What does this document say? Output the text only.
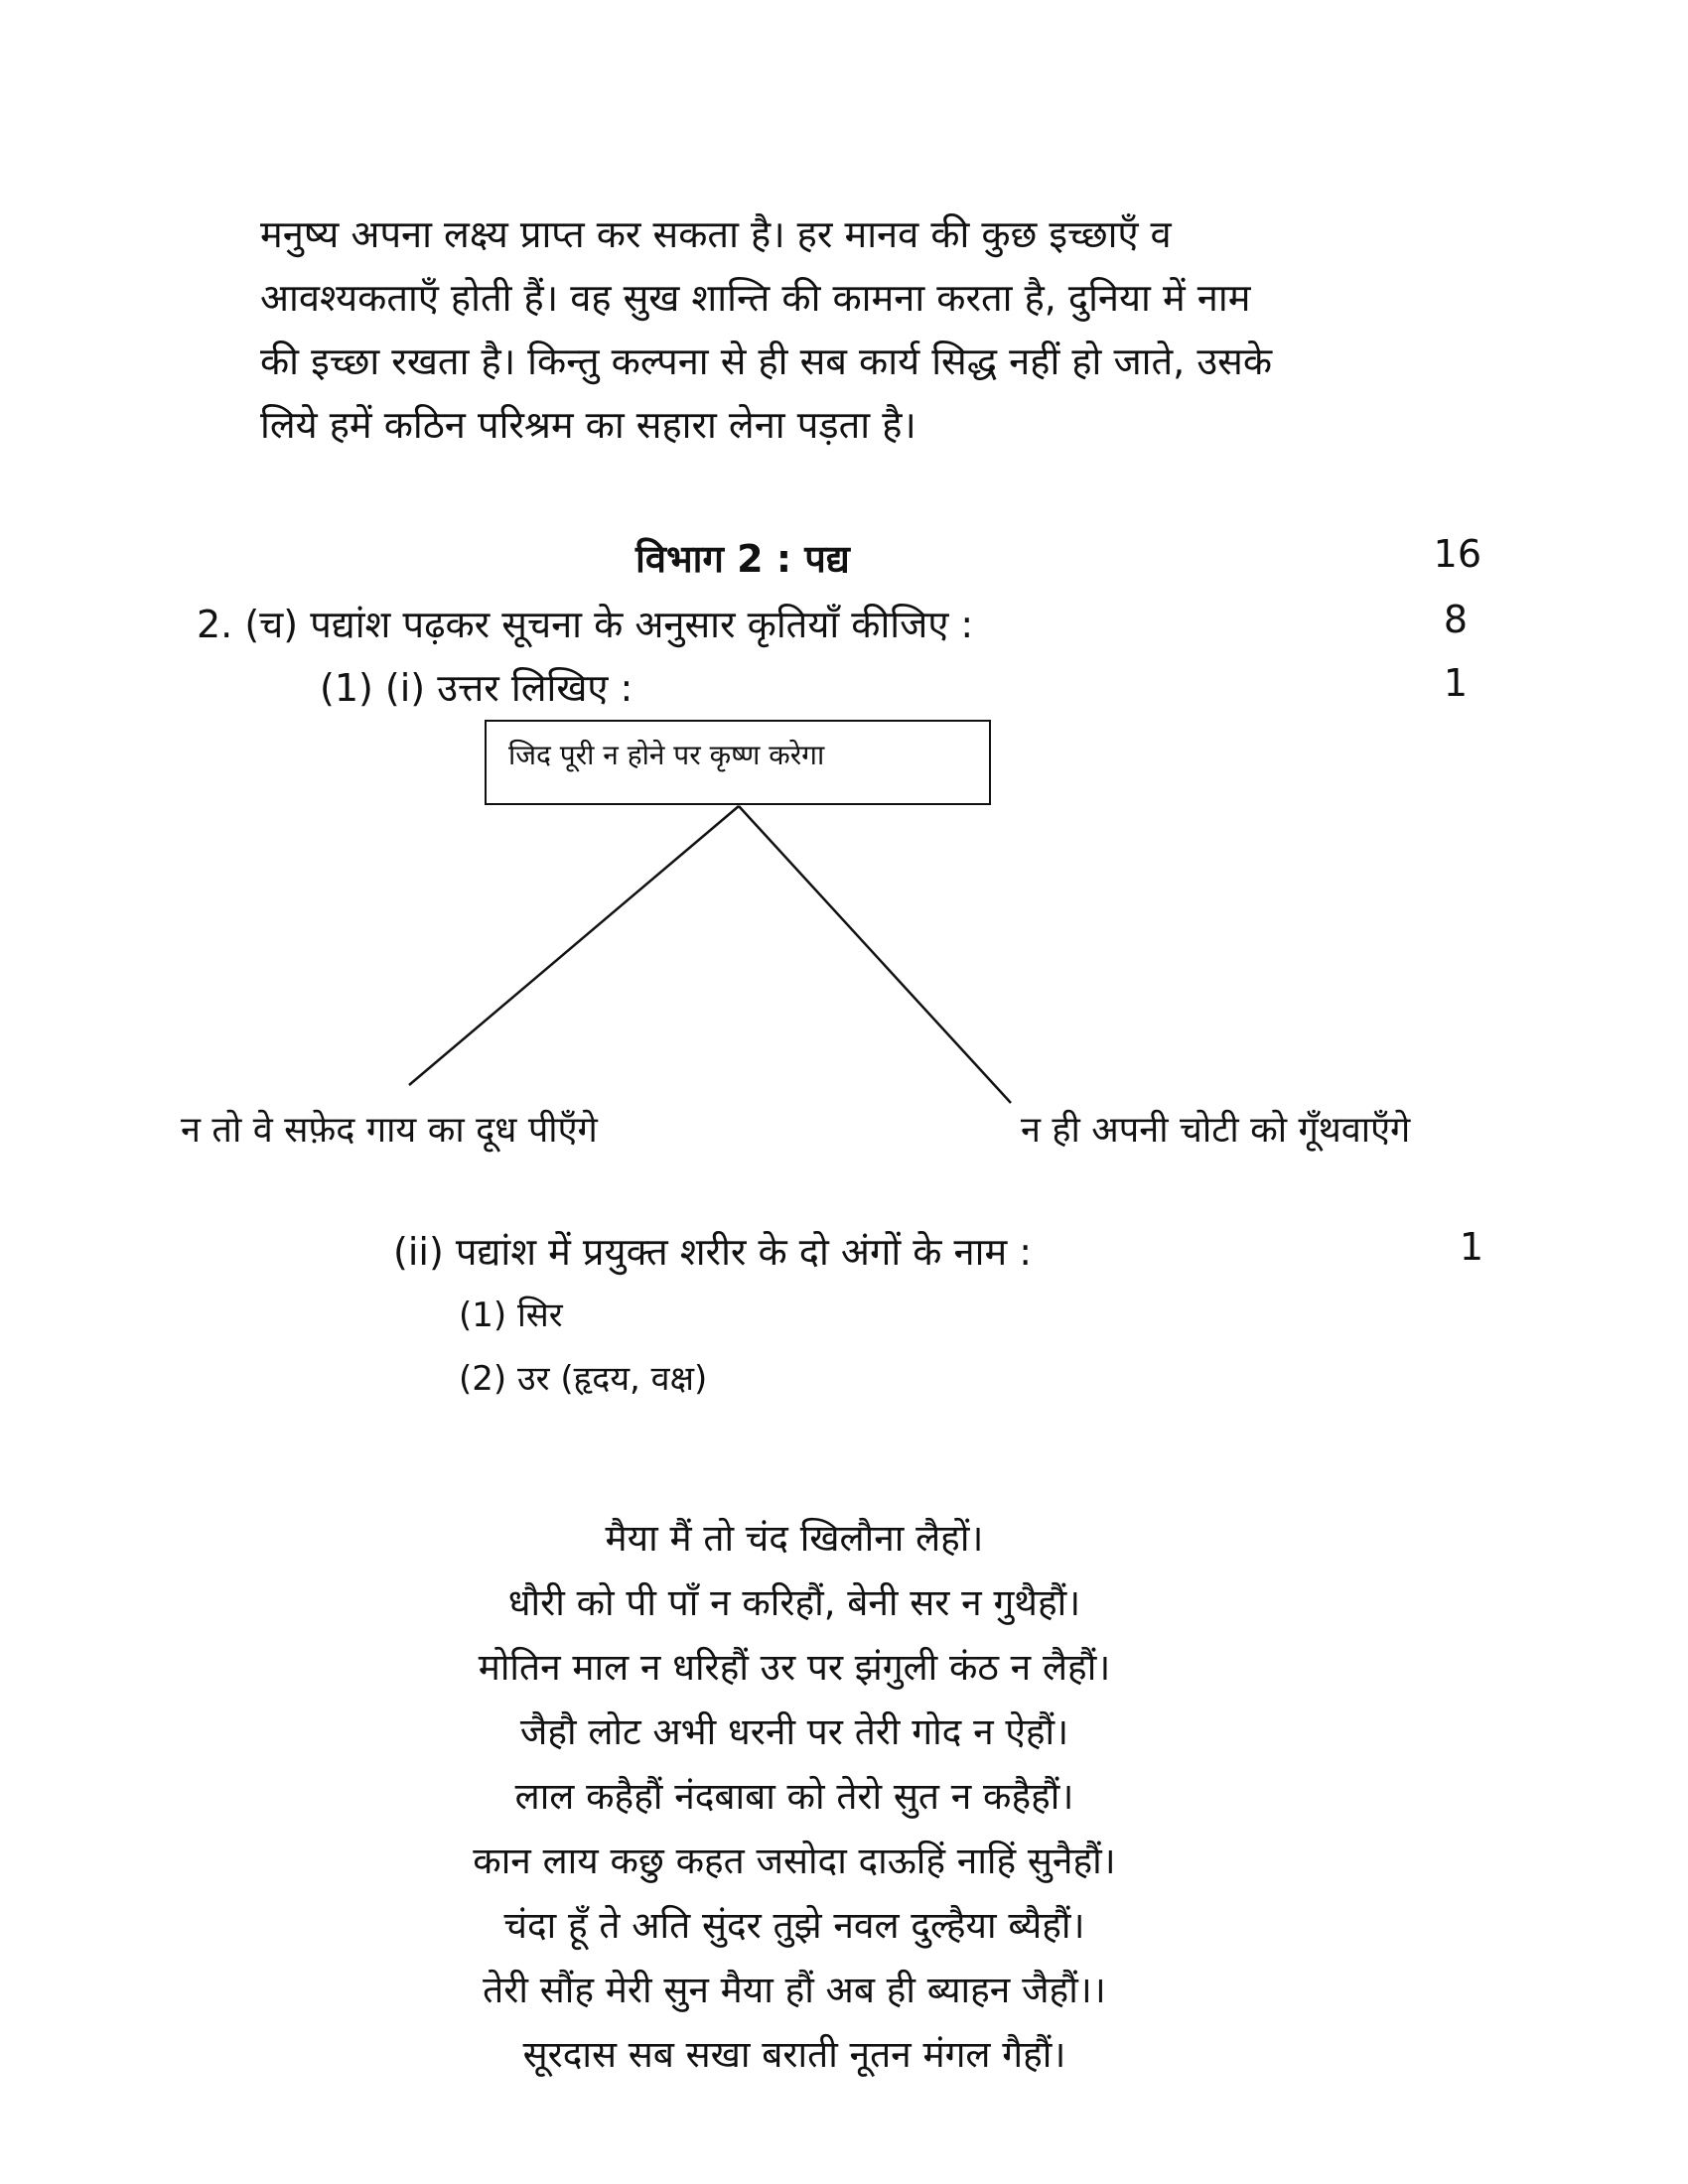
मनुष्य अपना लक्ष्य प्राप्त कर सकता है। हर मानव की कुछ इच्छाएँ व
आवश्यकताएँ होती हैं। वह सुख शान्ति की कामना करता है, दुनिया में नाम
की इच्छा रखता है। किन्तु कल्पना से ही सब कार्य सिद्ध नहीं हो जाते, उसके
लिये हमें कठिन परिश्रम का सहारा लेना पड़ता है।
विभाग 2 : पद्य	16
2. (च) पद्यांश पढ़कर सूचना के अनुसार कृतियाँ कीजिए :	8
(1) (i) उत्तर लिखिए :	1
जिद पूरी न होने पर कृष्ण करेगा
न तो वे सफ़ेद गाय का दूध पीएँगे	न ही अपनी चोटी को गूँथवाएँगे
(ii) पद्यांश में प्रयुक्त शरीर के दो अंगों के नाम :	1
(1) सिर
(2) उर (हृदय, वक्ष)
मैया मैं तो चंद खिलौना लैहों।
धौरी को पी पाँ न करिहौं, बेनी सर न गुथैहौं।
मोतिन माल न धरिहौं उर पर झंगुली कंठ न लैहौं।
जैहौ लोट अभी धरनी पर तेरी गोद न ऐहौं।
लाल कहैहौं नंदबाबा को तेरो सुत न कहैहौं।
कान लाय कछु कहत जसोदा दाऊहिं नाहिं सुनैहौं।
चंदा हूँ ते अति सुंदर तुझे नवल दुल्हैया ब्यैहौं।
तेरी सौंह मेरी सुन मैया हौं अब ही ब्याहन जैहौं।।
सूरदास सब सखा बराती नूतन मंगल गैहौं।
